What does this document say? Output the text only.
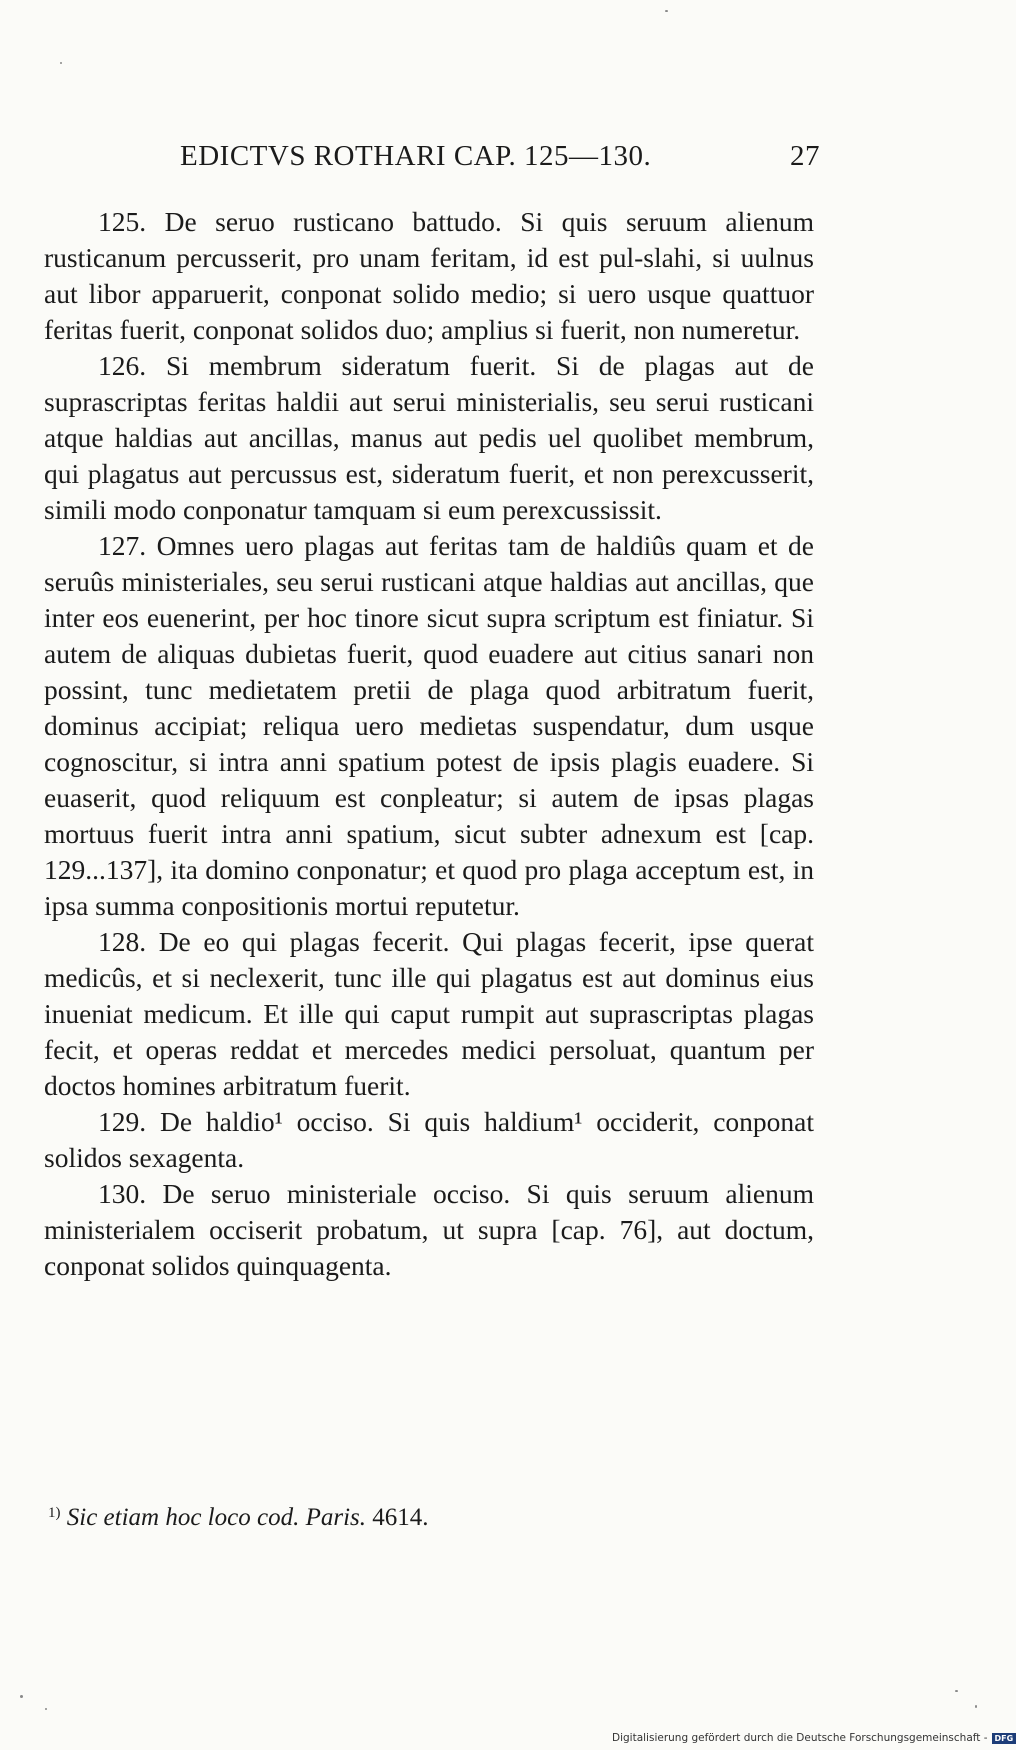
EDICTVS ROTHARI CAP. 125—130.	27

125. De seruo rusticano battudo. Si quis seruum alienum rusticanum percusserit, pro unam feritam, id est pul-slahi, si uulnus aut libor apparuerit, conponat solido medio; si uero usque quattuor feritas fuerit, conponat solidos duo; amplius si fuerit, non numeretur.

126. Si membrum sideratum fuerit. Si de plagas aut de suprascriptas feritas haldii aut serui ministerialis, seu serui rusticani atque haldias aut ancillas, manus aut pedis uel quolibet membrum, qui plagatus aut percussus est, sideratum fuerit, et non perexcusserit, simili modo conponatur tamquam si eum perexcussissit.

127. Omnes uero plagas aut feritas tam de haldiûs quam et de seruûs ministeriales, seu serui rusticani atque haldias aut ancillas, que inter eos euenerint, per hoc tinore sicut supra scriptum est finiatur. Si autem de aliquas dubietas fuerit, quod euadere aut citius sanari non possint, tunc medietatem pretii de plaga quod arbitratum fuerit, dominus accipiat; reliqua uero medietas suspendatur, dum usque cognoscitur, si intra anni spatium potest de ipsis plagis euadere. Si euaserit, quod reliquum est conpleatur; si autem de ipsas plagas mortuus fuerit intra anni spatium, sicut subter adnexum est [cap. 129...137], ita domino conponatur; et quod pro plaga acceptum est, in ipsa summa conpositionis mortui reputetur.

128. De eo qui plagas fecerit. Qui plagas fecerit, ipse querat medicûs, et si neclexerit, tunc ille qui plagatus est aut dominus eius inueniat medicum. Et ille qui caput rumpit aut suprascriptas plagas fecit, et operas reddat et mercedes medici persoluat, quantum per doctos homines arbitratum fuerit.

129. De haldio¹ occiso. Si quis haldium¹ occiderit, conponat solidos sexagenta.

130. De seruo ministeriale occiso. Si quis seruum alienum ministerialem occiserit probatum, ut supra [cap. 76], aut doctum, conponat solidos quinquagenta.

$^{1)}$ Sic etiam hoc loco cod. Paris. 4614.
Digitalisierung gefördert durch die Deutsche Forschungsgemeinschaft - DFG
